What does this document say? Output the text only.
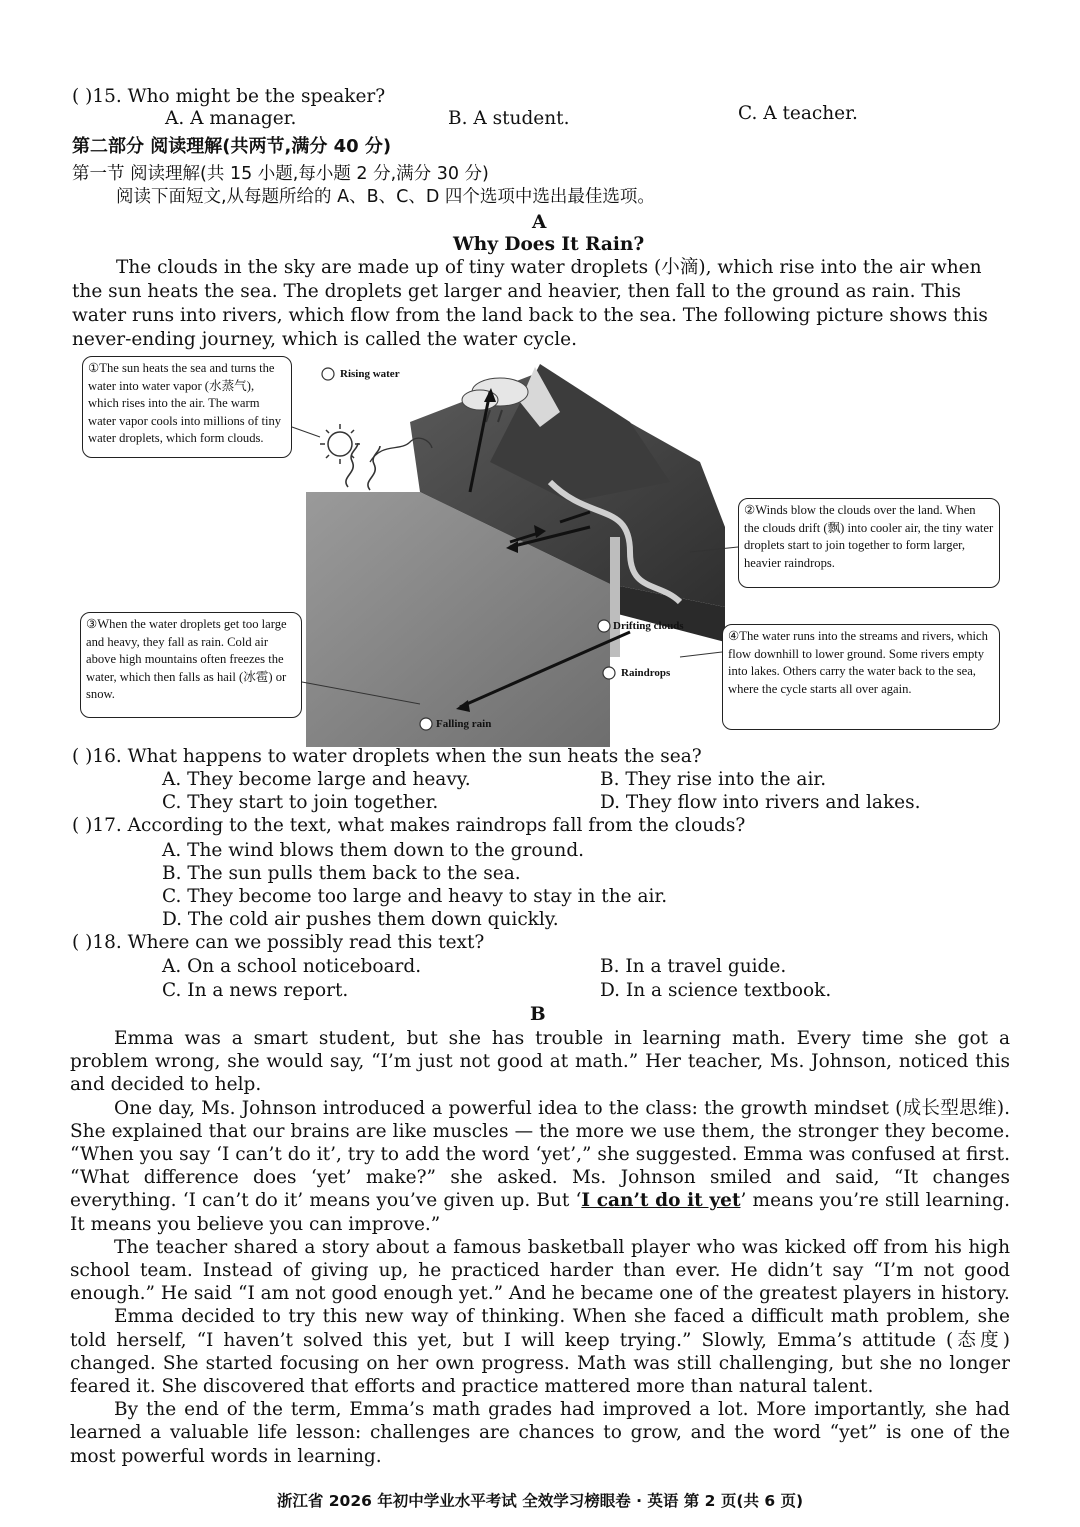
( )15. Who might be the speaker?
A. A manager.	B. A student.	C. A teacher.
第二部分 阅读理解(共两节,满分 40 分)
第一节 阅读理解(共 15 小题,每小题 2 分,满分 30 分)
阅读下面短文,从每题所给的 A、B、C、D 四个选项中选出最佳选项。
A
Why Does It Rain?
The clouds in the sky are made up of tiny water droplets (小滴), which rise into the air when
the sun heats the sea. The droplets get larger and heavier, then fall to the ground as rain. This
water runs into rivers, which flow from the land back to the sea. The following picture shows this
never-ending journey, which is called the water cycle.
①The sun heats the sea and turns the water into water vapor (水蒸气), which rises into the air. The warm water vapor cools into millions of tiny water droplets, which form clouds.
②Winds blow the clouds over the land. When the clouds drift (飘) into cooler air, the tiny water droplets start to join together to form larger, heavier raindrops.
③When the water droplets get too large and heavy, they fall as rain. Cold air above high mountains often freezes the water, which then falls as hail (冰雹) or snow.
④The water runs into the streams and rivers, which flow downhill to lower ground. Some rivers empty into lakes. Others carry the water back to the sea, where the cycle starts all over again.
Rising water
Drifting clouds
Raindrops
Falling rain
( )16. What happens to water droplets when the sun heats the sea?
A. They become large and heavy.	B. They rise into the air.
C. They start to join together.	D. They flow into rivers and lakes.
( )17. According to the text, what makes raindrops fall from the clouds?
A. The wind blows them down to the ground.
B. The sun pulls them back to the sea.
C. They become too large and heavy to stay in the air.
D. The cold air pushes them down quickly.
( )18. Where can we possibly read this text?
A. On a school noticeboard.	B. In a travel guide.
C. In a news report.	D. In a science textbook.
B

Emma was a smart student, but she has trouble in learning math. Every time she got a problem wrong, she would say, “I’m just not good at math.” Her teacher, Ms. Johnson, noticed this and decided to help.

One day, Ms. Johnson introduced a powerful idea to the class: the growth mindset (成长型思维). She explained that our brains are like muscles — the more we use them, the stronger they become. “When you say ‘I can’t do it’, try to add the word ‘yet’,” she suggested. Emma was confused at first. “What difference does ‘yet’ make?” she asked. Ms. Johnson smiled and said, “It changes everything. ‘I can’t do it’ means you’ve given up. But ‘I can’t do it yet’ means you’re still learning. It means you believe you can improve.”

The teacher shared a story about a famous basketball player who was kicked off from his high school team. Instead of giving up, he practiced harder than ever. He didn’t say “I’m not good enough.” He said “I am not good enough yet.” And he became one of the greatest players in history.

Emma decided to try this new way of thinking. When she faced a difficult math problem, she told herself, “I haven’t solved this yet, but I will keep trying.” Slowly, Emma’s attitude (态度) changed. She started focusing on her own progress. Math was still challenging, but she no longer feared it. She discovered that efforts and practice mattered more than natural talent.

By the end of the term, Emma’s math grades had improved a lot. More importantly, she had learned a valuable life lesson: challenges are chances to grow, and the word “yet” is one of the most powerful words in learning.

浙江省 2026 年初中学业水平考试 全效学习榜眼卷 · 英语 第 2 页(共 6 页)
